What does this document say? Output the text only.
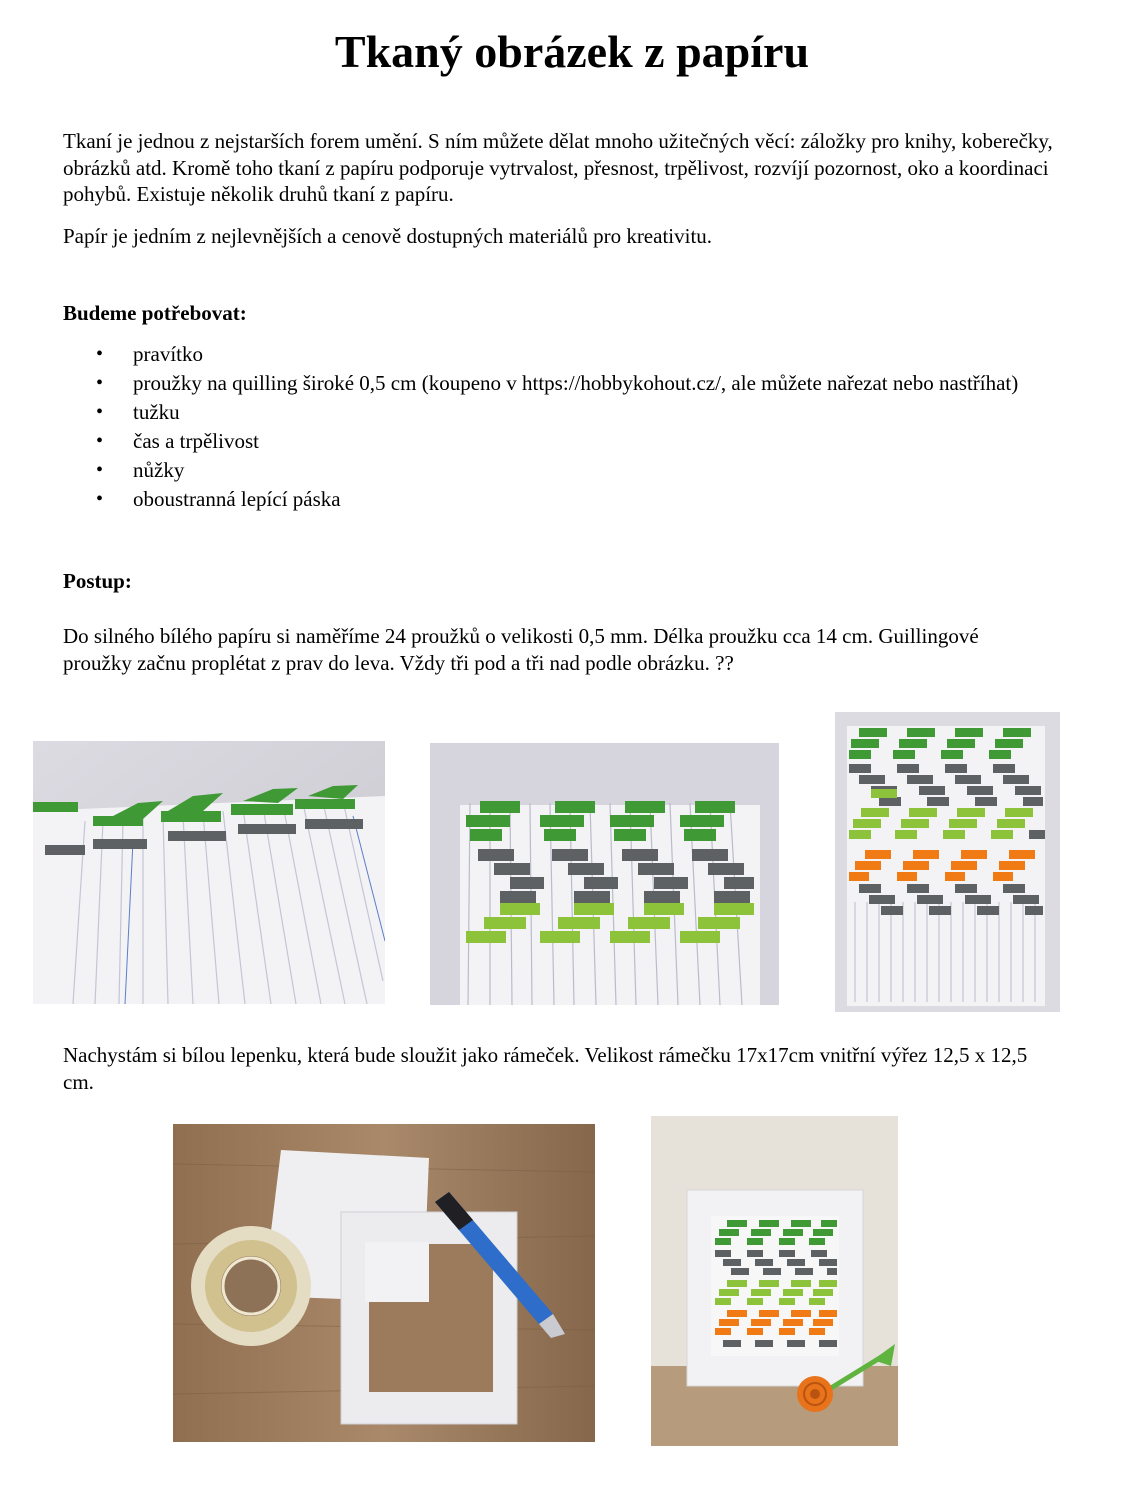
Tkaný obrázek z papíru

Tkaní je jednou z nejstarších forem umění. S ním můžete dělat mnoho užitečných věcí: záložky pro knihy, koberečky, obrázků atd. Kromě toho tkaní z papíru podporuje vytrvalost, přesnost, trpělivost, rozvíjí pozornost, oko a koordinaci pohybů. Existuje několik druhů tkaní z papíru.

Papír je jedním z nejlevnějších a cenově dostupných materiálů pro kreativitu.

Budeme potřebovat:

• pravítko
• proužky na quilling široké 0,5 cm (koupeno v https://hobbykohout.cz/, ale můžete nařezat nebo nastříhat)
• tužku
• čas a trpělivost
• nůžky
• oboustranná lepící páska

Postup:

Do silného bílého papíru si naměříme 24 proužků o velikosti 0,5 mm. Délka proužku cca 14 cm. Guillingové proužky začnu proplétat z prav do leva. Vždy tři pod a tři nad podle obrázku. ??

Nachystám si bílou lepenku, která bude sloužit jako rámeček. Velikost rámečku 17x17cm vnitřní výřez 12,5 x 12,5 cm.
